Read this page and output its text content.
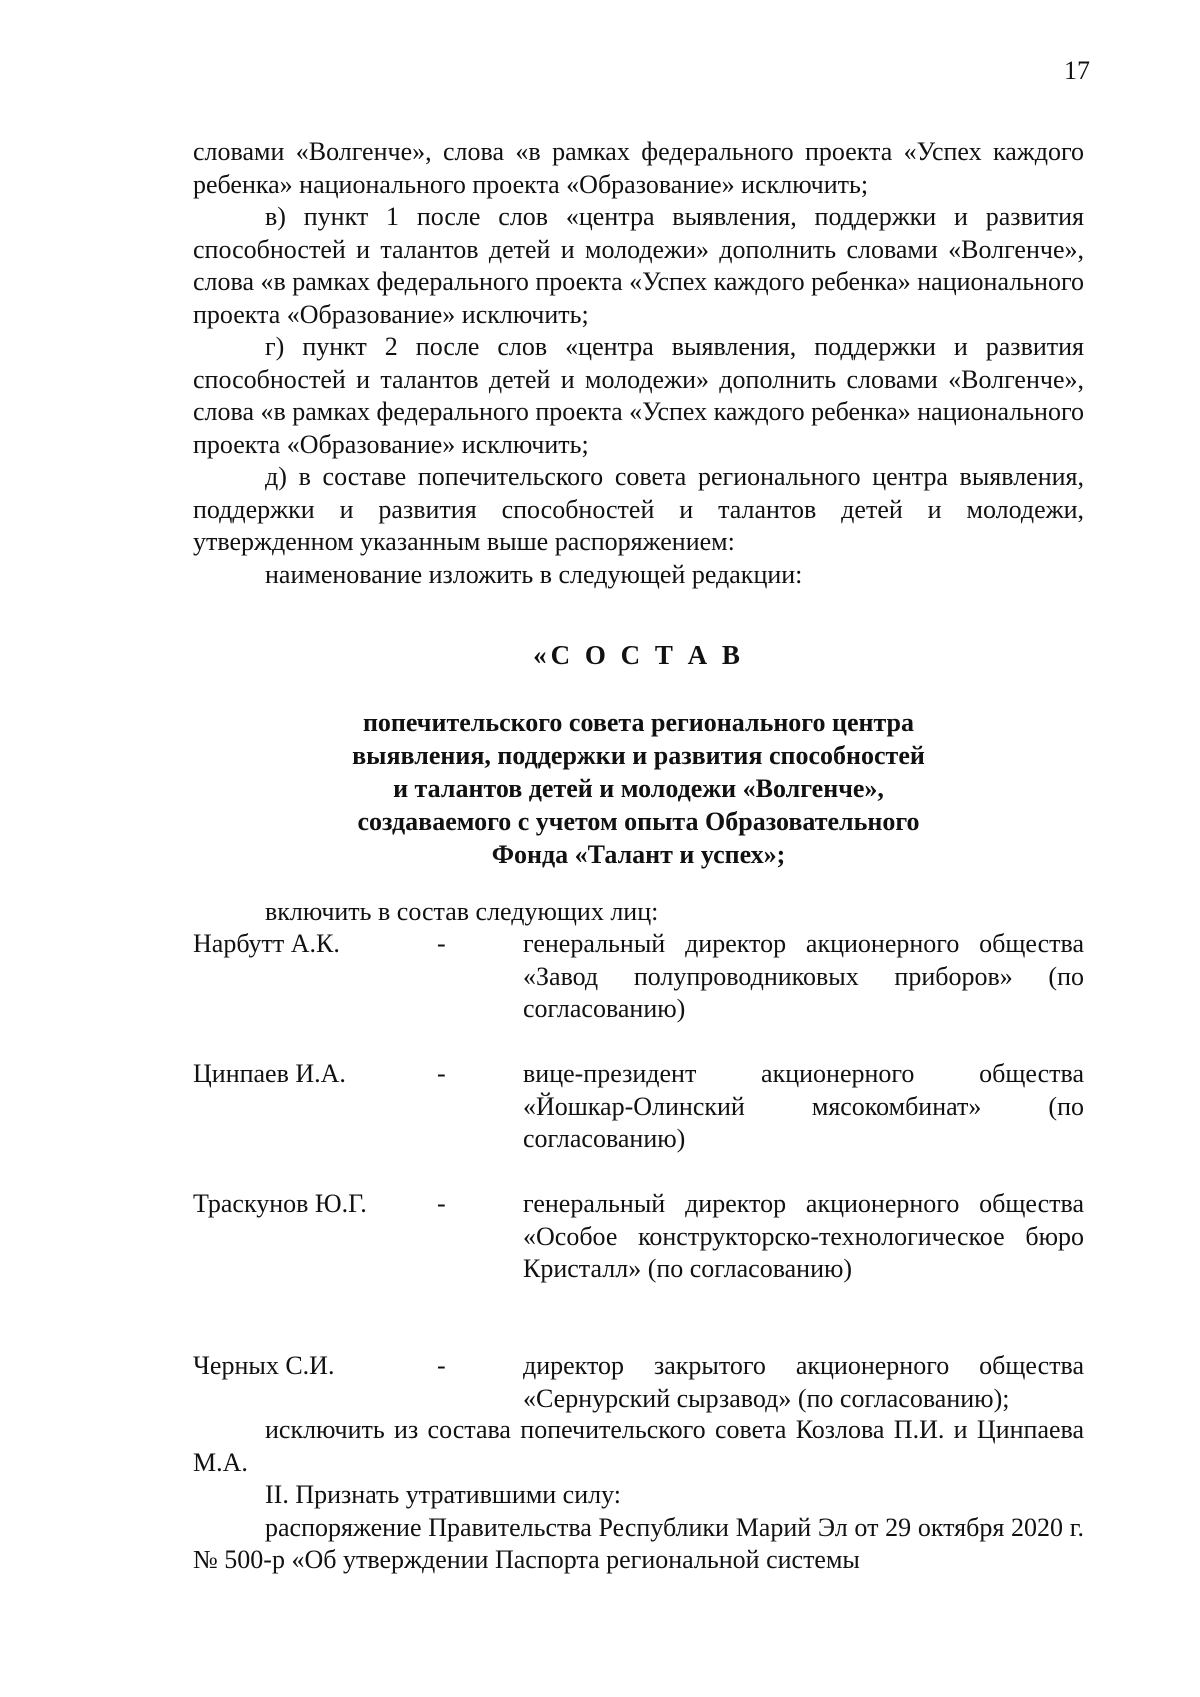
17

словами «Волгенче», слова «в рамках федерального проекта «Успех каждого ребенка» национального проекта «Образование» исключить;

в) пункт 1 после слов «центра выявления, поддержки и развития способностей и талантов детей и молодежи» дополнить словами «Волгенче», слова «в рамках федерального проекта «Успех каждого ребенка» национального проекта «Образование» исключить;

г) пункт 2 после слов «центра выявления, поддержки и развития способностей и талантов детей и молодежи» дополнить словами «Волгенче», слова «в рамках федерального проекта «Успех каждого ребенка» национального проекта «Образование» исключить;

д) в составе попечительского совета регионального центра выявления, поддержки и развития способностей и талантов детей и молодежи, утвержденном указанным выше распоряжением:

наименование изложить в следующей редакции:

«С О С Т А В
попечительского совета регионального центра
выявления, поддержки и развития способностей
и талантов детей и молодежи «Волгенче»,
создаваемого с учетом опыта Образовательного
Фонда «Талант и успех»;

включить в состав следующих лиц:

Нарбутт А.К.	-	генеральный директор акционерного общества «Завод полупроводниковых приборов» (по согласованию)
Цинпаев И.А.	-	вице-президент акционерного общества «Йошкар-Олинский мясокомбинат» (по согласованию)
Траскунов Ю.Г.	-	генеральный директор акционерного общества «Особое конструкторско-технологическое бюро Кристалл» (по согласованию)
Черных С.И.	-	директор закрытого акционерного общества «Сернурский сырзавод» (по согласованию);

исключить из состава попечительского совета Козлова П.И. и Цинпаева М.А.

II. Признать утратившими силу:

распоряжение Правительства Республики Марий Эл от 29 октября 2020 г. № 500-р «Об утверждении Паспорта региональной системы
